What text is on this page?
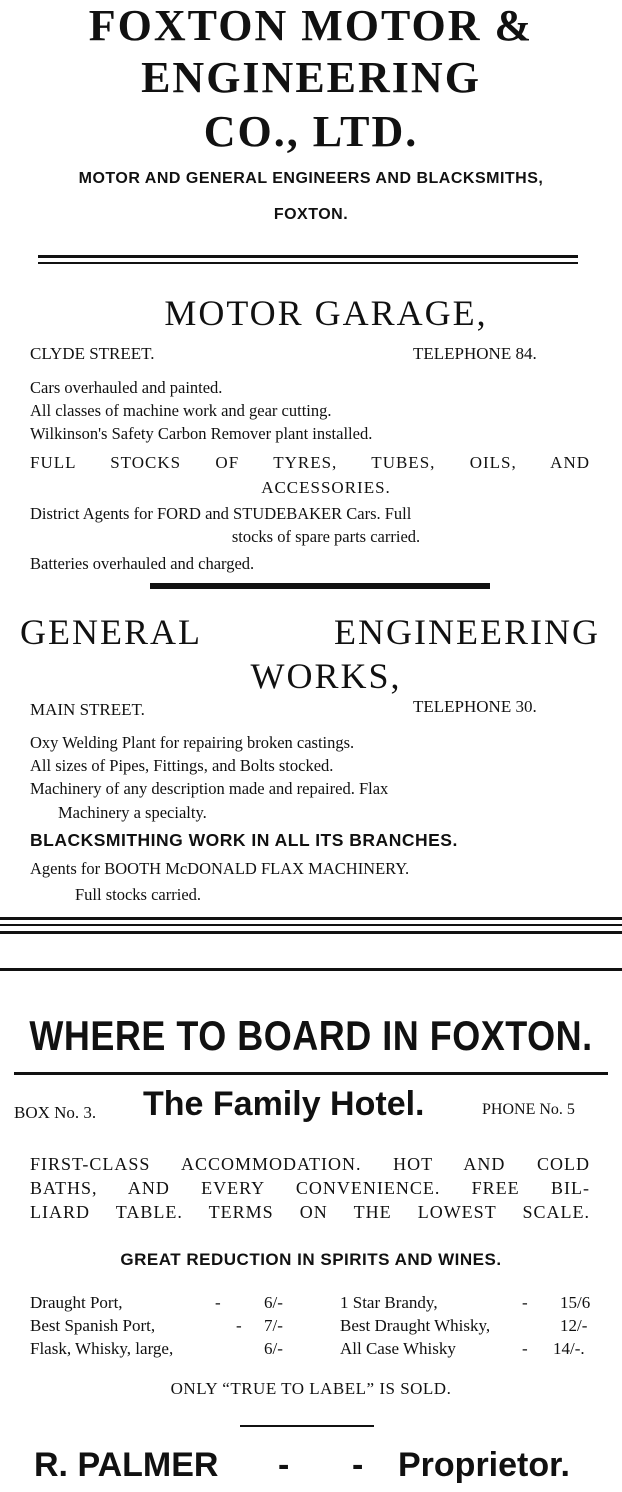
FOXTON MOTOR &
ENGINEERING
CO., LTD.
MOTOR AND GENERAL ENGINEERS AND BLACKSMITHS,
FOXTON.
MOTOR GARAGE,
CLYDE STREET.	TELEPHONE 84.
Cars overhauled and painted.
All classes of machine work and gear cutting.
Wilkinson's Safety Carbon Remover plant installed.
FULL STOCKS OF TYRES, TUBES, OILS, AND
ACCESSORIES.
District Agents for FORD and STUDEBAKER Cars. Full
stocks of spare parts carried.
Batteries overhauled and charged.
GENERAL ENGINEERING
WORKS,
MAIN STREET.	TELEPHONE 30.
Oxy Welding Plant for repairing broken castings.
All sizes of Pipes, Fittings, and Bolts stocked.
Machinery of any description made and repaired. Flax
Machinery a specialty.
BLACKSMITHING WORK IN ALL ITS BRANCHES.
Agents for BOOTH McDONALD FLAX MACHINERY.
Full stocks carried.
WHERE TO BOARD IN FOXTON.
BOX No. 3. The Family Hotel.	PHONE No. 5
FIRST-CLASS ACCOMMODATION. HOT AND COLD
BATHS, AND EVERY CONVENIENCE. FREE BIL-
LIARD TABLE. TERMS ON THE LOWEST SCALE.
GREAT REDUCTION IN SPIRITS AND WINES.
Draught Port,	-	6/-
Best Spanish Port,	- 7/-
Flask, Whisky, large,	6/-
1 Star Brandy,	- 15/6
Best Draught Whisky,	12/-
All Case Whisky	- 14/-.
ONLY “TRUE TO LABEL” IS SOLD.
R. PALMER - - Proprietor.
